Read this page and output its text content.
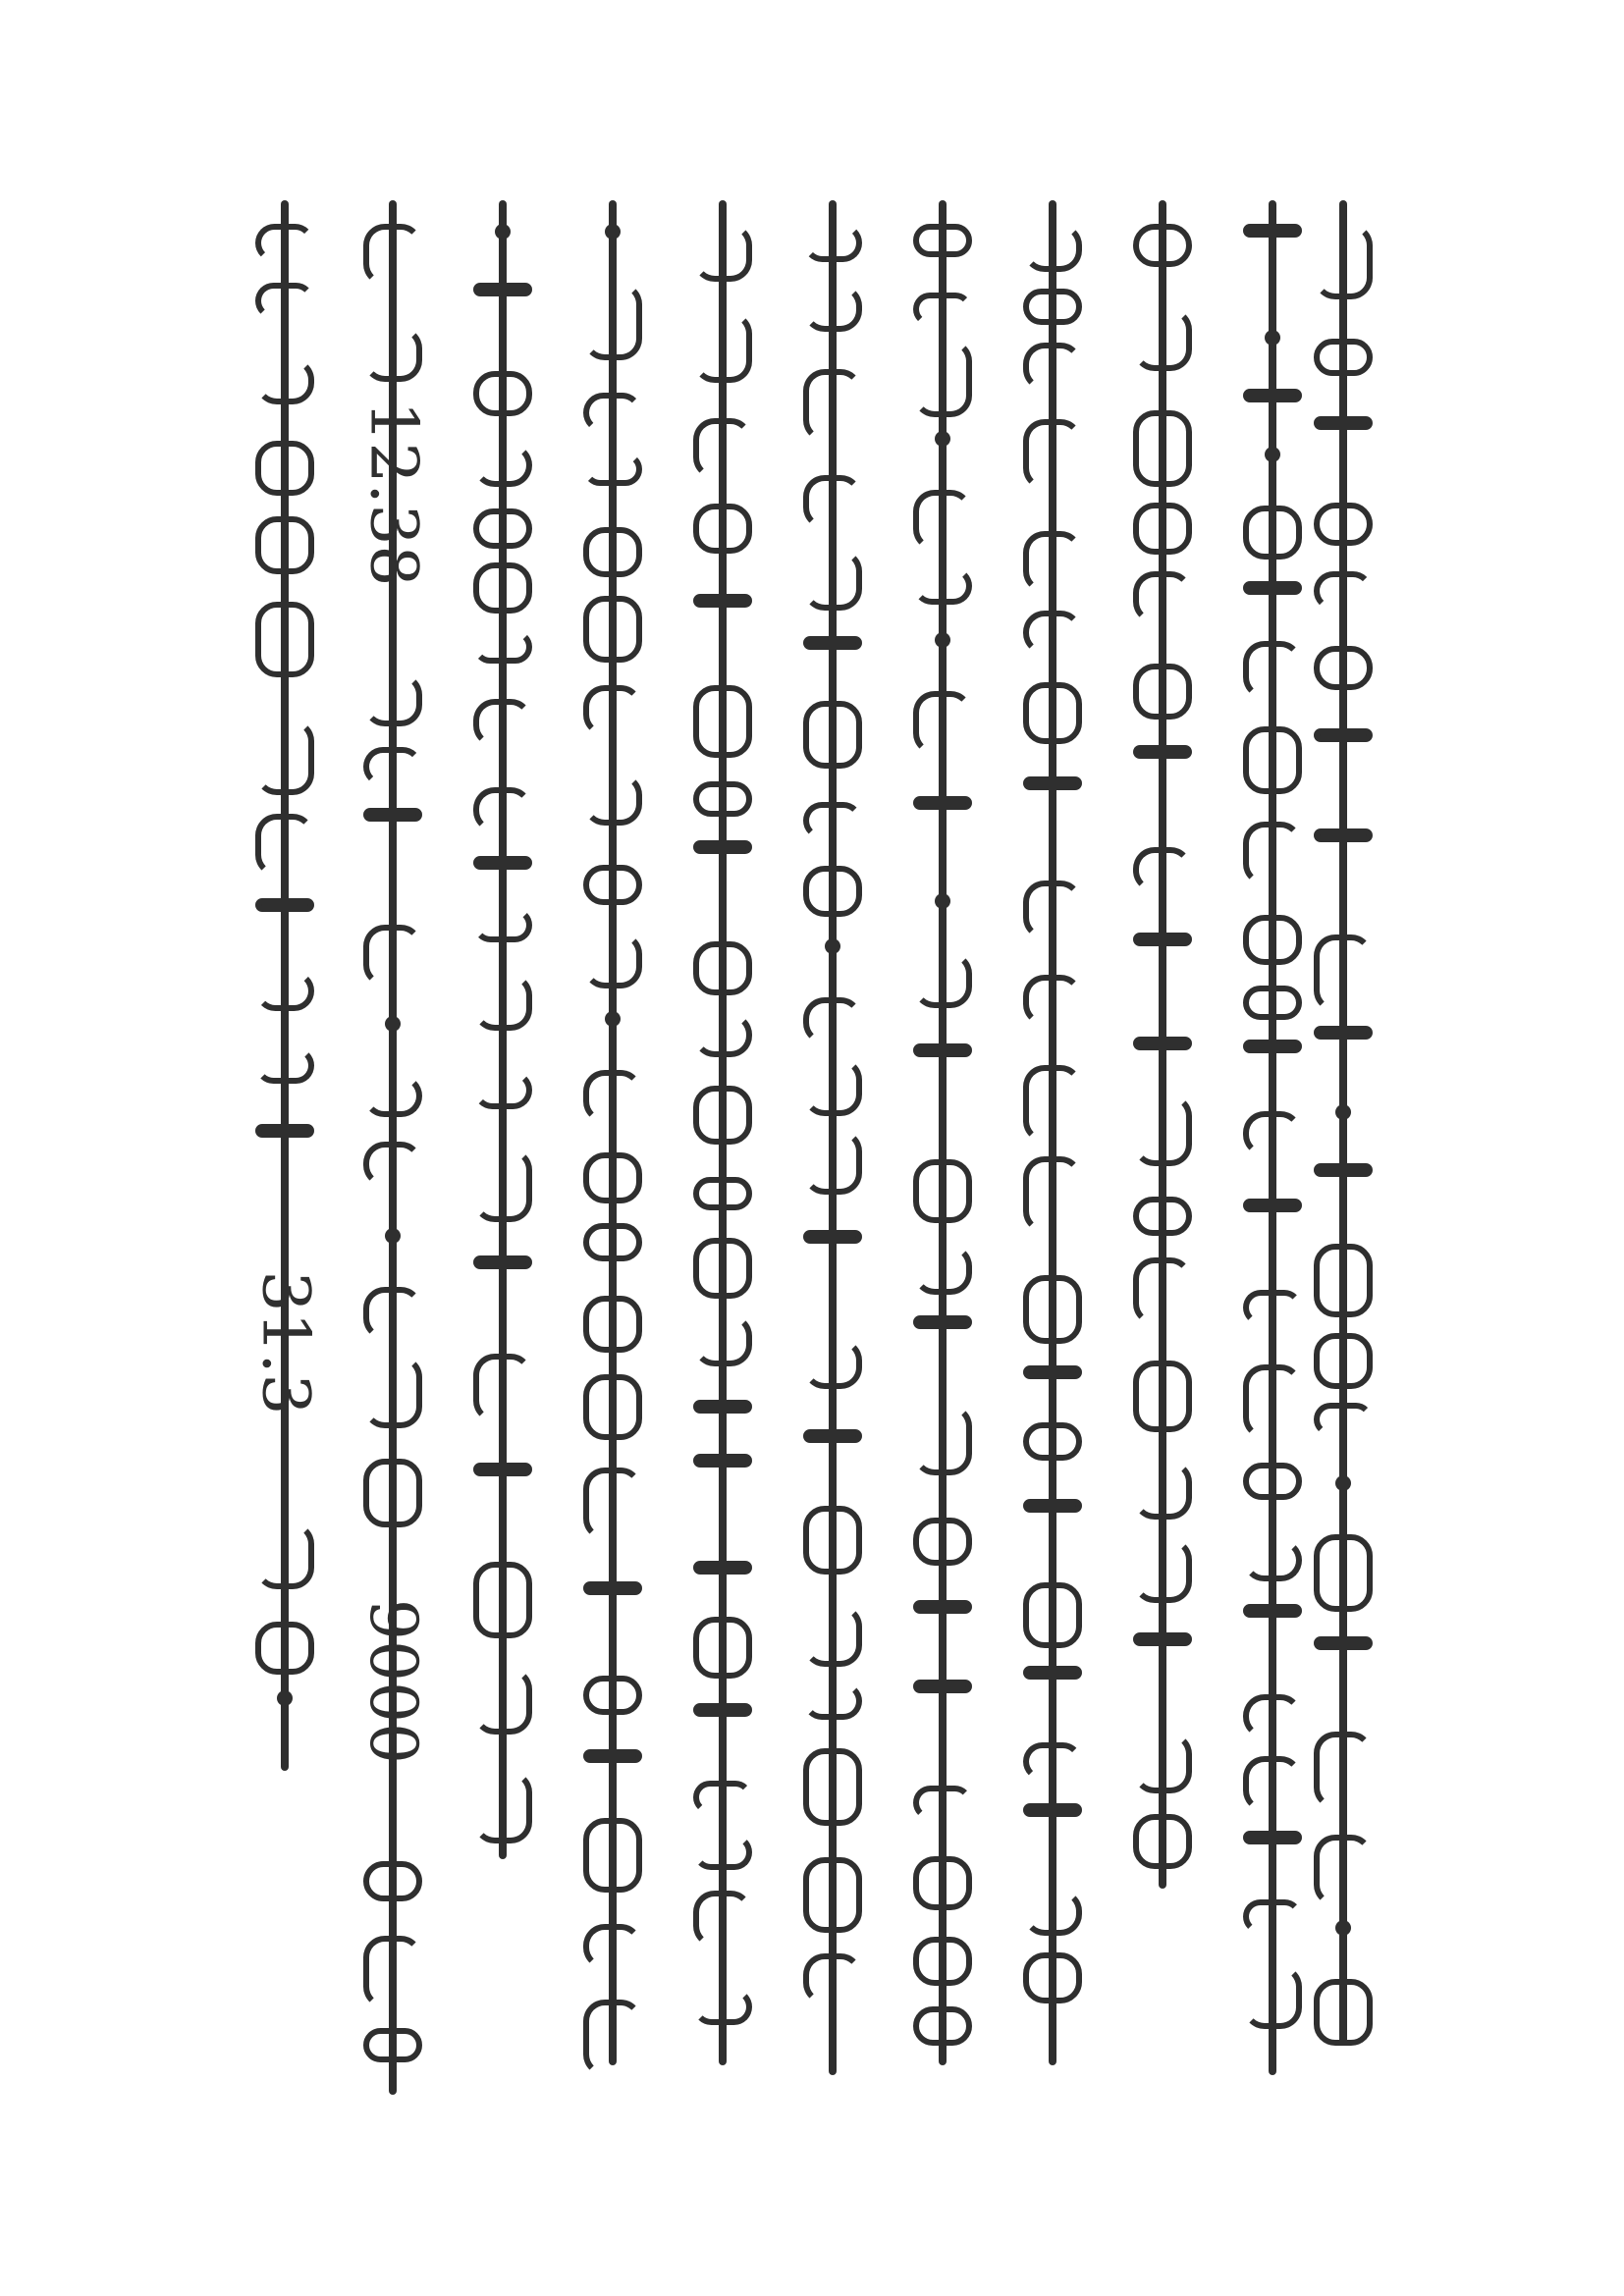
31.3
12.38
9000
